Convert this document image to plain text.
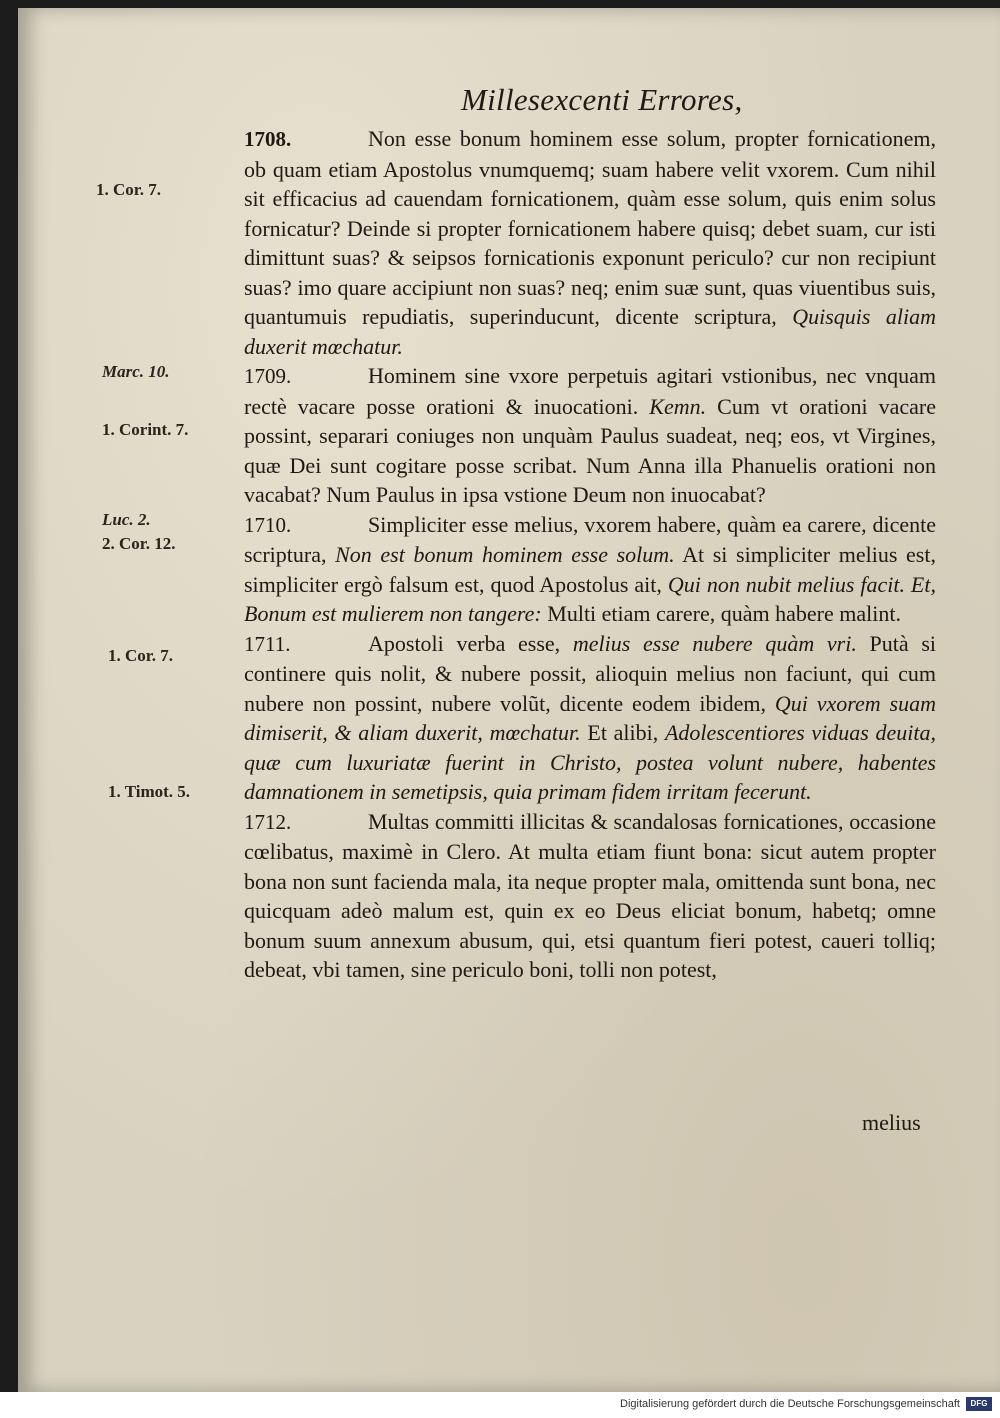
Millesexcenti Errores,
1. Cor. 7.
Marc. 10.
1. Corint. 7.
Luc. 2.
2. Cor. 12.
1. Cor. 7.
1. Timot. 5.

1708.	Non esse bonum hominem esse solum, propter fornicationem, ob quam etiam Apostolus vnumquemq; suam habere velit vxorem. Cum nihil sit efficacius ad cauendam fornicationem, quàm esse solum, quis enim solus fornicatur? Deinde si propter fornicationem habere quisq; debet suam, cur isti dimittunt suas? & seipsos fornicationis exponunt periculo? cur non recipiunt suas? imo quare accipiunt non suas? neq; enim suæ sunt, quas viuentibus suis, quantumuis repudiatis, superinducunt, dicente scriptura, Quisquis aliam duxerit mœchatur.

1709.	Hominem sine vxore perpetuis agitari vstionibus, nec vnquam rectè vacare posse orationi & inuocationi. Kemn. Cum vt orationi vacare possint, separari coniuges non unquàm Paulus suadeat, neq; eos, vt Virgines, quæ Dei sunt cogitare posse scribat. Num Anna illa Phanuelis orationi non vacabat? Num Paulus in ipsa vstione Deum non inuocabat?

1710.	Simpliciter esse melius, vxorem habere, quàm ea carere, dicente scriptura, Non est bonum hominem esse solum. At si simpliciter melius est, simpliciter ergò falsum est, quod Apostolus ait, Qui non nubit melius facit. Et, Bonum est mulierem non tangere: Multi etiam carere, quàm habere malint.

1711.	Apostoli verba esse, melius esse nubere quàm vri. Putà si continere quis nolit, & nubere possit, alioquin melius non faciunt, qui cum nubere non possint, nubere volũt, dicente eodem ibidem, Qui vxorem suam dimiserit, & aliam duxerit, mœchatur. Et alibi, Adolescentiores viduas deuita, quæ cum luxuriatæ fuerint in Christo, postea volunt nubere, habentes damnationem in semetipsis, quia primam fidem irritam fecerunt.

1712.	Multas committi illicitas & scandalosas fornicationes, occasione cœlibatus, maximè in Clero. At multa etiam fiunt bona: sicut autem propter bona non sunt facienda mala, ita neque propter mala, omittenda sunt bona, nec quicquam adeò malum est, quin ex eo Deus eliciat bonum, habetq; omne bonum suum annexum abusum, qui, etsi quantum fieri potest, caueri tolliq; debeat, vbi tamen, sine periculo boni, tolli non potest,

melius
Digitalisierung gefördert durch die Deutsche Forschungsgemeinschaft	DFG
